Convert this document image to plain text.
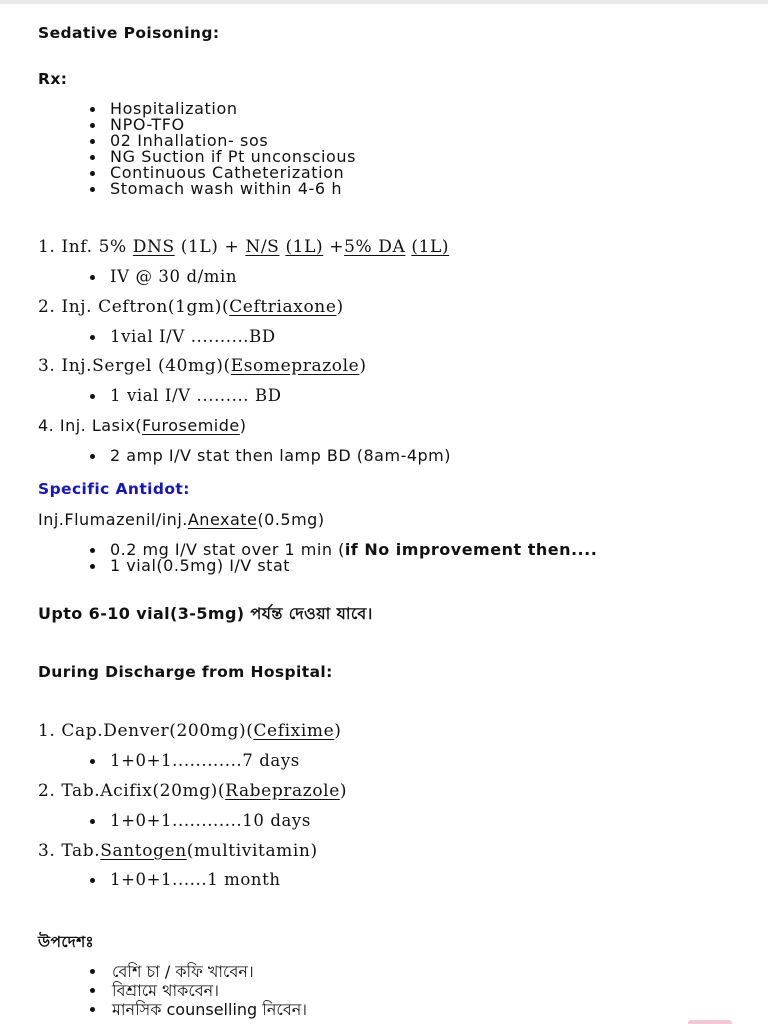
Sedative Poisoning:
Rx:
Hospitalization
NPO-TFO
02 Inhallation- sos
NG Suction if Pt unconscious
Continuous Catheterization
Stomach wash within 4-6 h
1. Inf. 5% DNS (1L) + N/S (1L) +5% DA (1L)
IV @ 30 d/min
2. Inj. Ceftron(1gm)(Ceftriaxone)
1vial I/V ..........BD
3. Inj.Sergel (40mg)(Esomeprazole)
1 vial I/V ......... BD
4. Inj. Lasix(Furosemide)
2 amp I/V stat then lamp BD (8am-4pm)
Specific Antidot:
Inj.Flumazenil/inj.Anexate(0.5mg)
0.2 mg I/V stat over 1 min (if No improvement then....
1 vial(0.5mg) I/V stat
Upto 6-10 vial(3-5mg) পর্যন্ত দেওয়া যাবে।
During Discharge from Hospital:
1. Cap.Denver(200mg)(Cefixime)
1+0+1............7 days
2. Tab.Acifix(20mg)(Rabeprazole)
1+0+1............10 days
3. Tab.Santogen(multivitamin)
1+0+1......1 month
উপদেশঃ
বেশি চা / কফি খাবেন।
বিশ্রামে থাকবেন।
মানসিক counselling নিবেন।
